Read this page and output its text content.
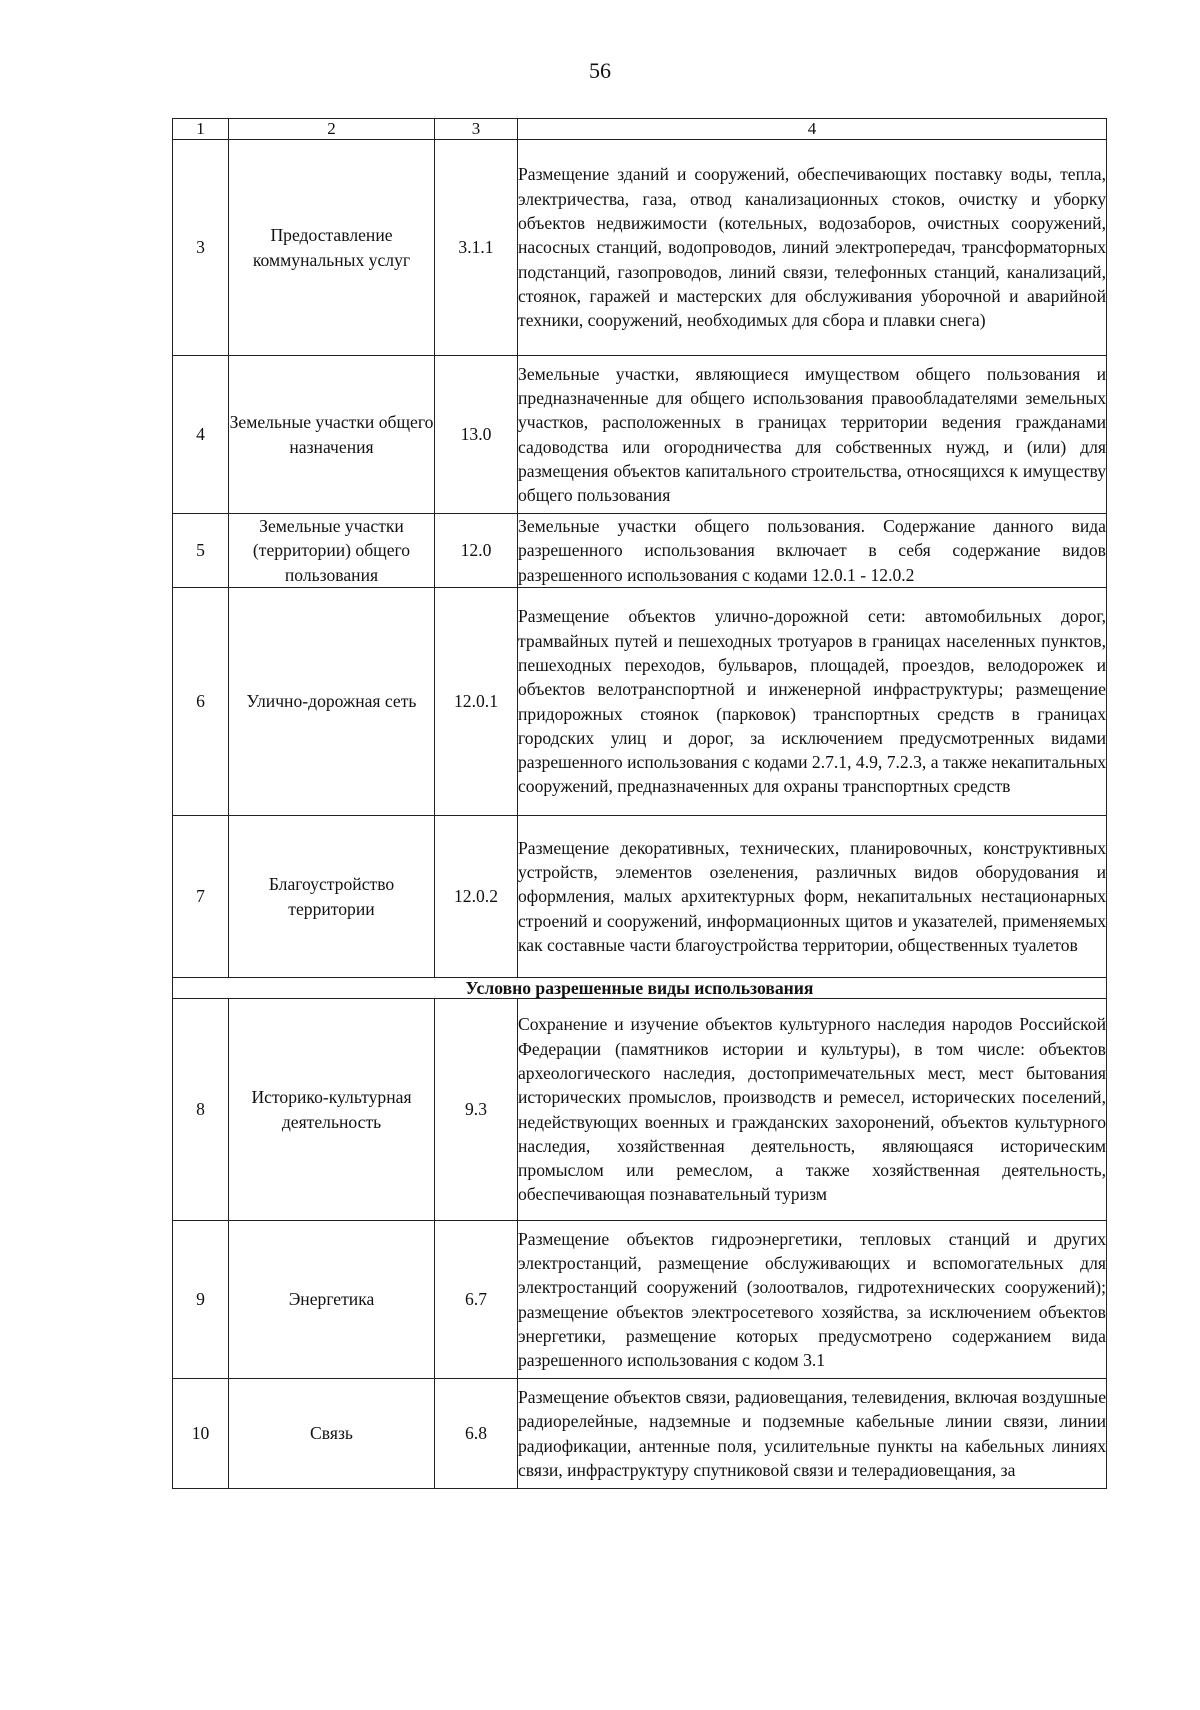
56
1	2	3	4
3	Предоставление коммунальных услуг	3.1.1	Размещение зданий и сооружений, обеспечивающих поставку воды, тепла, электричества, газа, отвод канализационных стоков, очистку и уборку объектов недвижимости (котельных, водозаборов, очистных сооружений, насосных станций, водопроводов, линий электропередач, трансформаторных подстанций, газопроводов, линий связи, телефонных станций, канализаций, стоянок, гаражей и мастерских для обслуживания уборочной и аварийной техники, сооружений, необходимых для сбора и плавки снега)
4	Земельные участки общего назначения	13.0	Земельные участки, являющиеся имуществом общего пользования и предназначенные для общего использования правообладателями земельных участков, расположенных в границах территории ведения гражданами садоводства или огородничества для собственных нужд, и (или) для размещения объектов капитального строительства, относящихся к имуществу общего пользования
5	Земельные участки (территории) общего пользования	12.0	Земельные участки общего пользования. Содержание данного вида разрешенного использования включает в себя содержание видов разрешенного использования с кодами 12.0.1 - 12.0.2
6	Улично-дорожная сеть	12.0.1	Размещение объектов улично-дорожной сети: автомобильных дорог, трамвайных путей и пешеходных тротуаров в границах населенных пунктов, пешеходных переходов, бульваров, площадей, проездов, велодорожек и объектов велотранспортной и инженерной инфраструктуры; размещение придорожных стоянок (парковок) транспортных средств в границах городских улиц и дорог, за исключением предусмотренных видами разрешенного использования с кодами 2.7.1, 4.9, 7.2.3, а также некапитальных сооружений, предназначенных для охраны транспортных средств
7	Благоустройство территории	12.0.2	Размещение декоративных, технических, планировочных, конструктивных устройств, элементов озеленения, различных видов оборудования и оформления, малых архитектурных форм, некапитальных нестационарных строений и сооружений, информационных щитов и указателей, применяемых как составные части благоустройства территории, общественных туалетов
Условно разрешенные виды использования			
8	Историко-культурная деятельность	9.3	Сохранение и изучение объектов культурного наследия народов Российской Федерации (памятников истории и культуры), в том числе: объектов археологического наследия, достопримечательных мест, мест бытования исторических промыслов, производств и ремесел, исторических поселений, недействующих военных и гражданских захоронений, объектов культурного наследия, хозяйственная деятельность, являющаяся историческим промыслом или ремеслом, а также хозяйственная деятельность, обеспечивающая познавательный туризм
9	Энергетика	6.7	Размещение объектов гидроэнергетики, тепловых станций и других электростанций, размещение обслуживающих и вспомогательных для электростанций сооружений (золоотвалов, гидротехнических сооружений); размещение объектов электросетевого хозяйства, за исключением объектов энергетики, размещение которых предусмотрено содержанием вида разрешенного использования с кодом 3.1
10	Связь	6.8	Размещение объектов связи, радиовещания, телевидения, включая воздушные радиорелейные, надземные и подземные кабельные линии связи, линии радиофикации, антенные поля, усилительные пункты на кабельных линиях связи, инфраструктуру спутниковой связи и телерадиовещания, за
